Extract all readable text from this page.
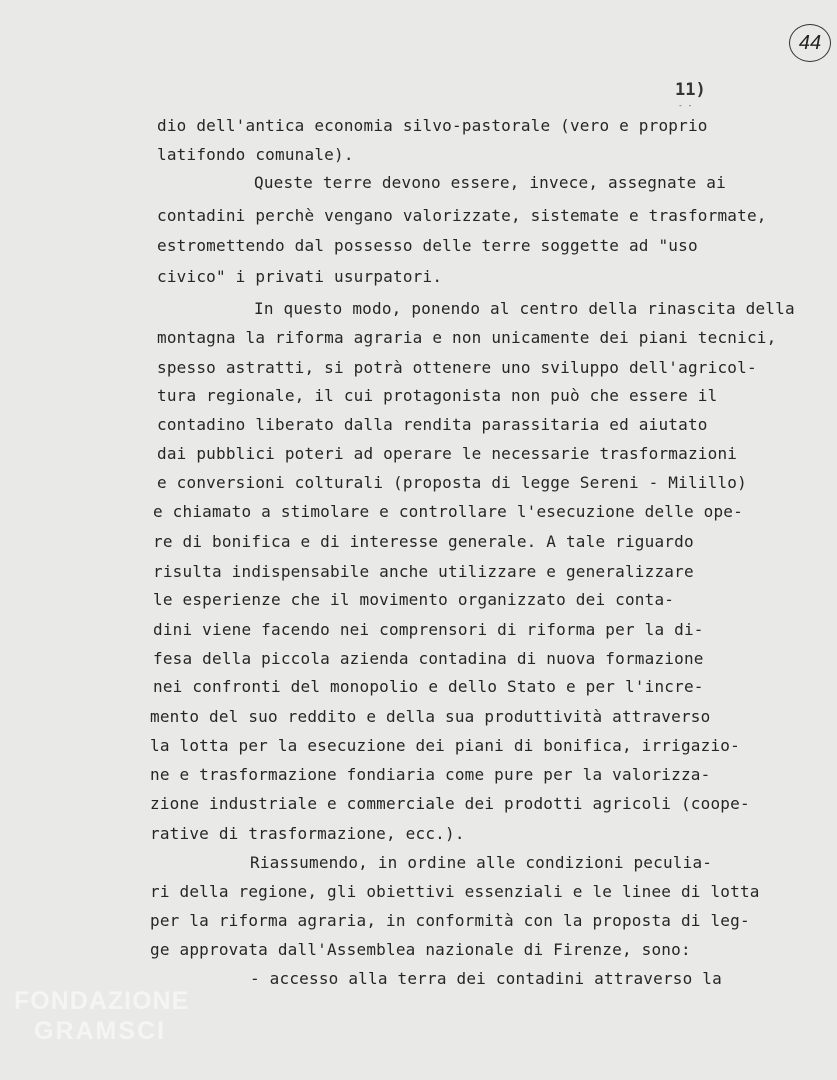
44
11)
- -
dio dell'antica economia silvo-pastorale (vero e proprio
latifondo comunale).
Queste terre devono essere, invece, assegnate ai
contadini perchè vengano valorizzate, sistemate e trasformate,
estromettendo dal possesso delle terre soggette ad "uso
civico" i privati usurpatori.
In questo modo, ponendo al centro della rinascita della
montagna la riforma agraria e non unicamente dei piani tecnici,
spesso astratti, si potrà ottenere uno sviluppo dell'agricol-
tura regionale, il cui protagonista non può che essere il
contadino liberato dalla rendita parassitaria ed aiutato
dai pubblici poteri ad operare le necessarie trasformazioni
e conversioni colturali (proposta di legge Sereni - Milillo)
e chiamato a stimolare e controllare l'esecuzione delle ope-
re di bonifica e di interesse generale. A tale riguardo
risulta indispensabile anche utilizzare e generalizzare
le esperienze che il movimento organizzato dei conta-
dini viene facendo nei comprensori di riforma per la di-
fesa della piccola azienda contadina di nuova formazione
nei confronti del monopolio e dello Stato e per l'incre-
mento del suo reddito e della sua produttività attraverso
la lotta per la esecuzione dei piani di bonifica, irrigazio-
ne e trasformazione fondiaria come pure per la valorizza-
zione industriale e commerciale dei prodotti agricoli (coope-
rative di trasformazione, ecc.).
Riassumendo, in ordine alle condizioni peculia-
ri della regione, gli obiettivi essenziali e le linee di lotta
per la riforma agraria, in conformità con la proposta di leg-
ge approvata dall'Assemblea nazionale di Firenze, sono:
- accesso alla terra dei contadini attraverso la
FONDAZIONE
GRAMSCI
